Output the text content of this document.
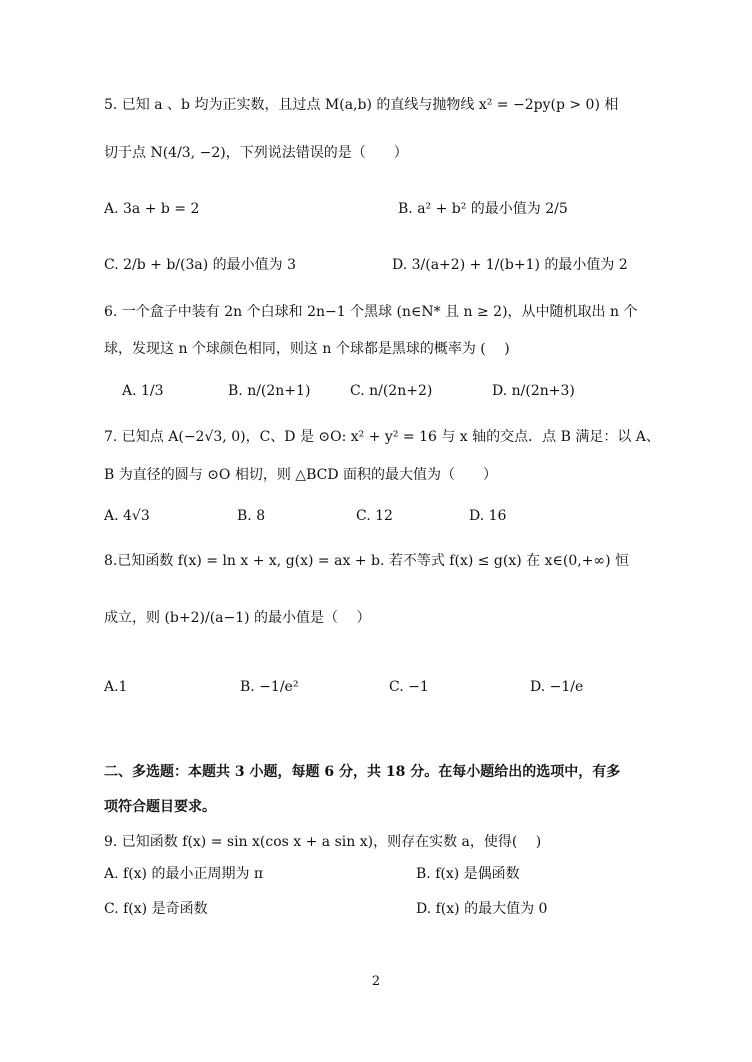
5. 已知 a 、b 均为正实数，且过点 M(a,b) 的直线与抛物线 x² = −2py(p > 0) 相
切于点 N(4/3, −2)，下列说法错误的是（　　）
A. 3a + b = 2	B. a² + b² 的最小值为 2/5
C. 2/b + b/(3a) 的最小值为 3	D. 3/(a+2) + 1/(b+1) 的最小值为 2
6. 一个盒子中装有 2n 个白球和 2n−1 个黑球 (n∈N* 且 n ≥ 2)，从中随机取出 n 个
球，发现这 n 个球颜色相同，则这 n 个球都是黑球的概率为 (　 )
A. 1/3	B. n/(2n+1)	C. n/(2n+2)	D. n/(2n+3)
7. 已知点 A(−2√3, 0)，C、D 是 ⊙O: x² + y² = 16 与 x 轴的交点．点 B 满足：以 A、
B 为直径的圆与 ⊙O 相切，则 △BCD 面积的最大值为（　　）
A. 4√3	B. 8	C. 12	D. 16
8.已知函数 f(x) = ln x + x, g(x) = ax + b. 若不等式 f(x) ≤ g(x) 在 x∈(0,+∞) 恒
成立，则 (b+2)/(a−1) 的最小值是（　 ）
A.1	B. −1/e²	C. −1	D. −1/e
二、多选题：本题共 3 小题，每题 6 分，共 18 分。在每小题给出的选项中，有多
项符合题目要求。
9. 已知函数 f(x) = sin x(cos x + a sin x)，则存在实数 a，使得(　 )
A. f(x) 的最小正周期为 π	B. f(x) 是偶函数
C. f(x) 是奇函数	D. f(x) 的最大值为 0
2
